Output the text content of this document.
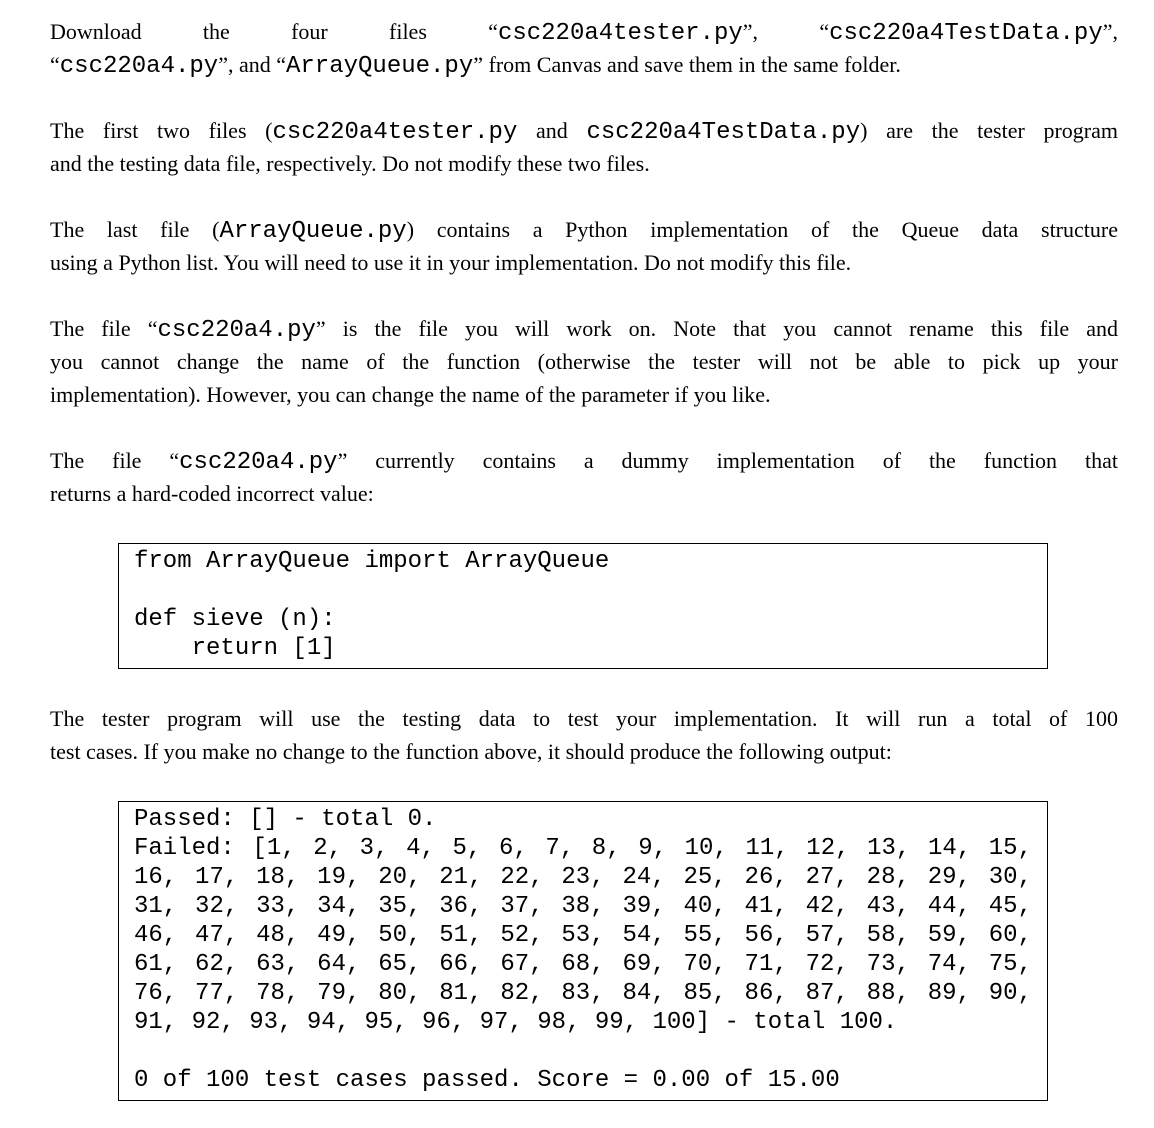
Download the four files “csc220a4tester.py”, “csc220a4TestData.py”,
“csc220a4.py”, and “ArrayQueue.py” from Canvas and save them in the same folder.

The first two files (csc220a4tester.py and csc220a4TestData.py) are the tester program
and the testing data file, respectively. Do not modify these two files.

The last file (ArrayQueue.py) contains a Python implementation of the Queue data structure
using a Python list. You will need to use it in your implementation. Do not modify this file.

The file “csc220a4.py” is the file you will work on. Note that you cannot rename this file and
you cannot change the name of the function (otherwise the tester will not be able to pick up your
implementation). However, you can change the name of the parameter if you like.

The file “csc220a4.py” currently contains a dummy implementation of the function that
returns a hard-coded incorrect value:

from ArrayQueue import ArrayQueue

def sieve (n):
return [1]

The tester program will use the testing data to test your implementation. It will run a total of 100
test cases. If you make no change to the function above, it should produce the following output:

Passed: [] - total 0.
Failed: [1, 2, 3, 4, 5, 6, 7, 8, 9, 10, 11, 12, 13, 14, 15,
16, 17, 18, 19, 20, 21, 22, 23, 24, 25, 26, 27, 28, 29, 30,
31, 32, 33, 34, 35, 36, 37, 38, 39, 40, 41, 42, 43, 44, 45,
46, 47, 48, 49, 50, 51, 52, 53, 54, 55, 56, 57, 58, 59, 60,
61, 62, 63, 64, 65, 66, 67, 68, 69, 70, 71, 72, 73, 74, 75,
76, 77, 78, 79, 80, 81, 82, 83, 84, 85, 86, 87, 88, 89, 90,
91, 92, 93, 94, 95, 96, 97, 98, 99, 100] - total 100.

0 of 100 test cases passed. Score = 0.00 of 15.00
